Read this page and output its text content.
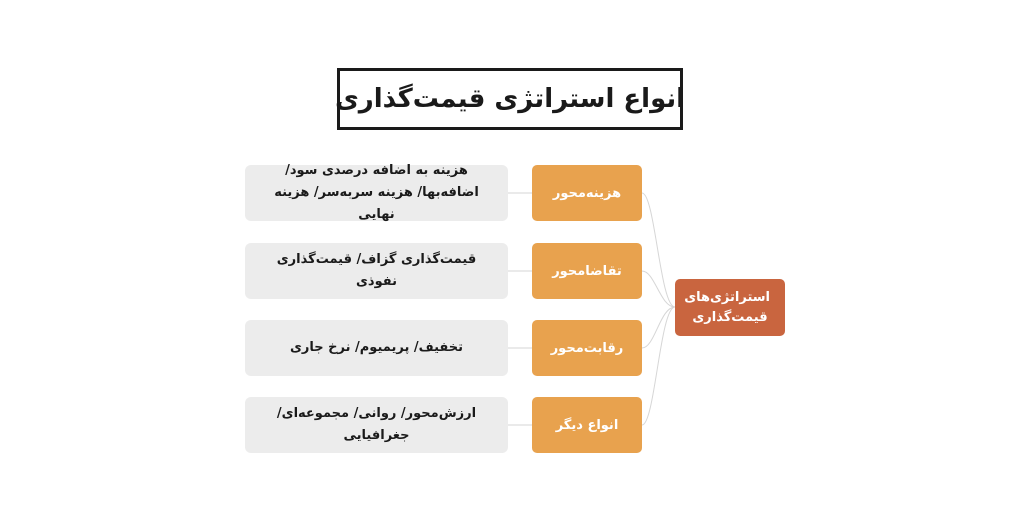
انواع استراتژی قیمت‌گذاری
استراتژی‌های
قیمت‌گذاری
هزینه‌محور
هزینه به اضافه درصدی سود/ اضافه‌بها/ هزینه سربه‌سر/ هزینه نهایی
تقاضامحور
قیمت‌گذاری گزاف/ قیمت‌گذاری نفوذی
رقابت‌محور
تخفیف/ پریمیوم/ نرخ جاری
انواع دیگر
ارزش‌محور/ روانی/ مجموعه‌ای/ جغرافیایی
